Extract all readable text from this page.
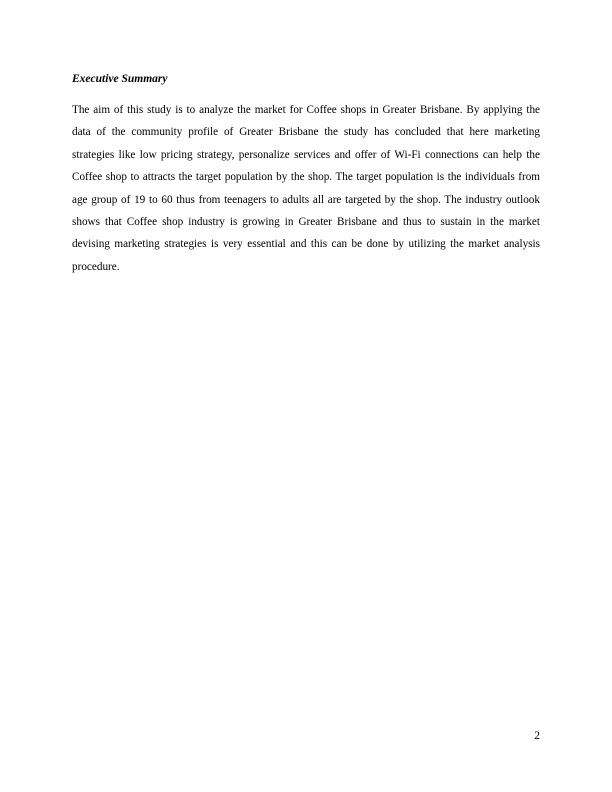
Executive Summary

The aim of this study is to analyze the market for Coffee shops in Greater Brisbane. By applying the data of the community profile of Greater Brisbane the study has concluded that here marketing strategies like low pricing strategy, personalize services and offer of Wi-Fi connections can help the Coffee shop to attracts the target population by the shop. The target population is the individuals from age group of 19 to 60 thus from teenagers to adults all are targeted by the shop. The industry outlook shows that Coffee shop industry is growing in Greater Brisbane and thus to sustain in the market devising marketing strategies is very essential and this can be done by utilizing the market analysis procedure.

2
